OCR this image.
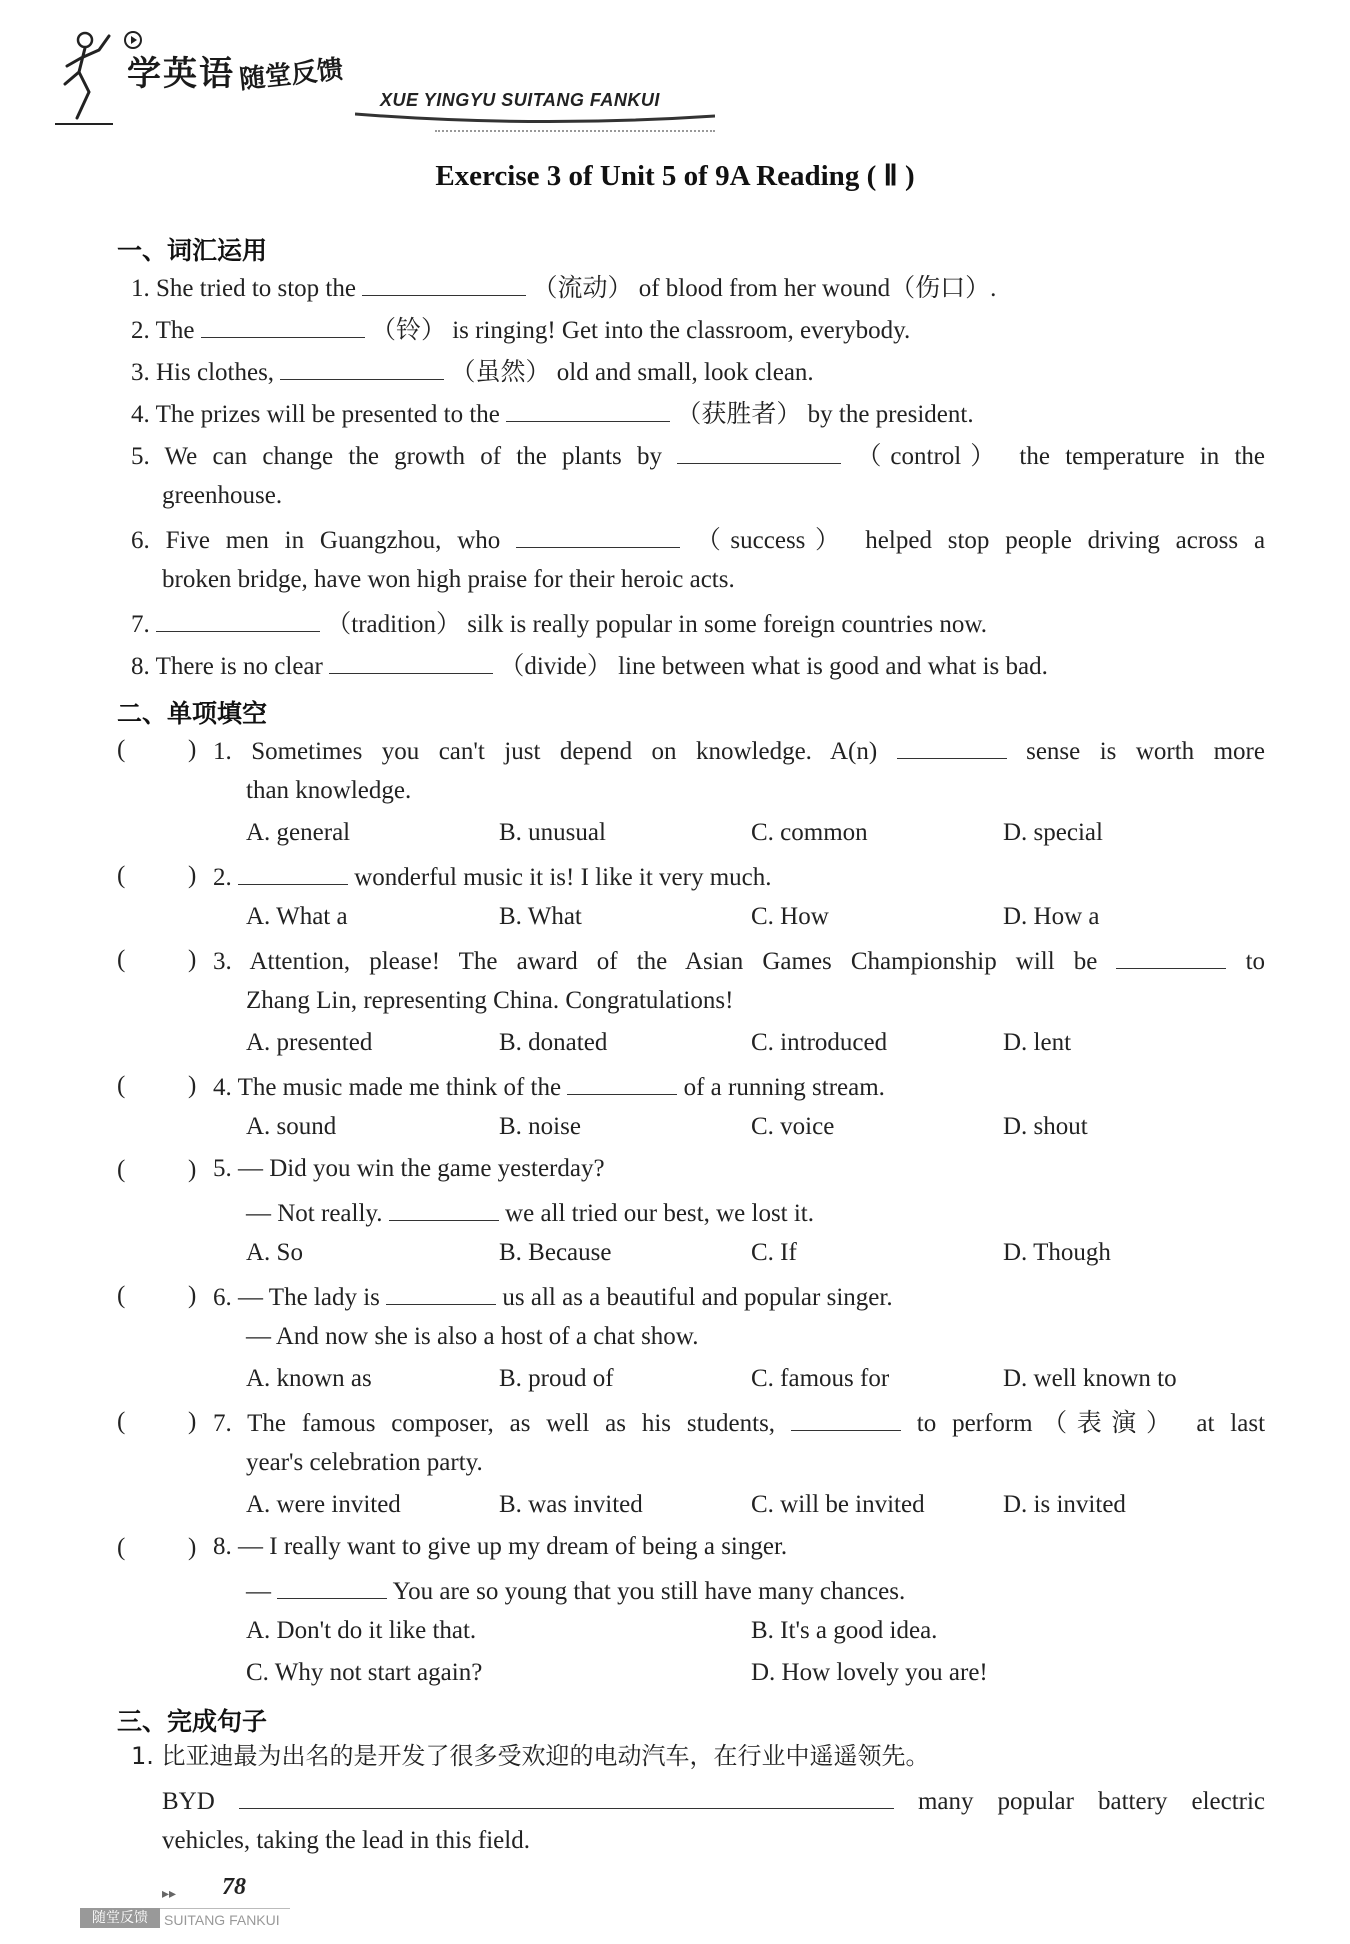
学英语 随堂反馈
XUE YINGYU SUITANG FANKUI
Exercise 3 of Unit 5 of 9A Reading ( Ⅱ )
一、词汇运用
1. She tried to stop the	（流动） of blood from her wound（伤口）.
2. The	（铃） is ringing! Get into the classroom, everybody.
3. His clothes,	（虽然） old and small, look clean.
4. The prizes will be presented to the	（获胜者） by the president.
5. We can change the growth of the plants by	（control） the temperature in the
greenhouse.
6. Five men in Guangzhou, who	（success） helped stop people driving across a
broken bridge, have won high praise for their heroic acts.
7.	（tradition） silk is really popular in some foreign countries now.
8. There is no clear	（divide） line between what is good and what is bad.
二、单项填空
(	) 1. Sometimes you can't just depend on knowledge. A(n)	sense is worth more
than knowledge.
A. general	B. unusual	C. common	D. special
(	) 2.	wonderful music it is! I like it very much.
A. What a	B. What	C. How	D. How a
(	) 3. Attention, please! The award of the Asian Games Championship will be	to
Zhang Lin, representing China. Congratulations!
A. presented	B. donated	C. introduced	D. lent
(	) 4. The music made me think of the	of a running stream.
A. sound	B. noise	C. voice	D. shout
(	) 5. — Did you win the game yesterday?
— Not really.	we all tried our best, we lost it.
A. So	B. Because	C. If	D. Though
(	) 6. — The lady is	us all as a beautiful and popular singer.
— And now she is also a host of a chat show.
A. known as	B. proud of	C. famous for	D. well known to
(	) 7. The famous composer, as well as his students,	to perform（表演） at last
year's celebration party.
A. were invited	B. was invited	C. will be invited	D. is invited
(	) 8. — I really want to give up my dream of being a singer.
—	You are so young that you still have many chances.
A. Don't do it like that.	B. It's a good idea.
C. Why not start again?	D. How lovely you are!
三、完成句子
1. 比亚迪最为出名的是开发了很多受欢迎的电动汽车，在行业中遥遥领先。
BYD	many popular battery electric
vehicles, taking the lead in this field.
▸▸ 78
随堂反馈	SUITANG FANKUI
